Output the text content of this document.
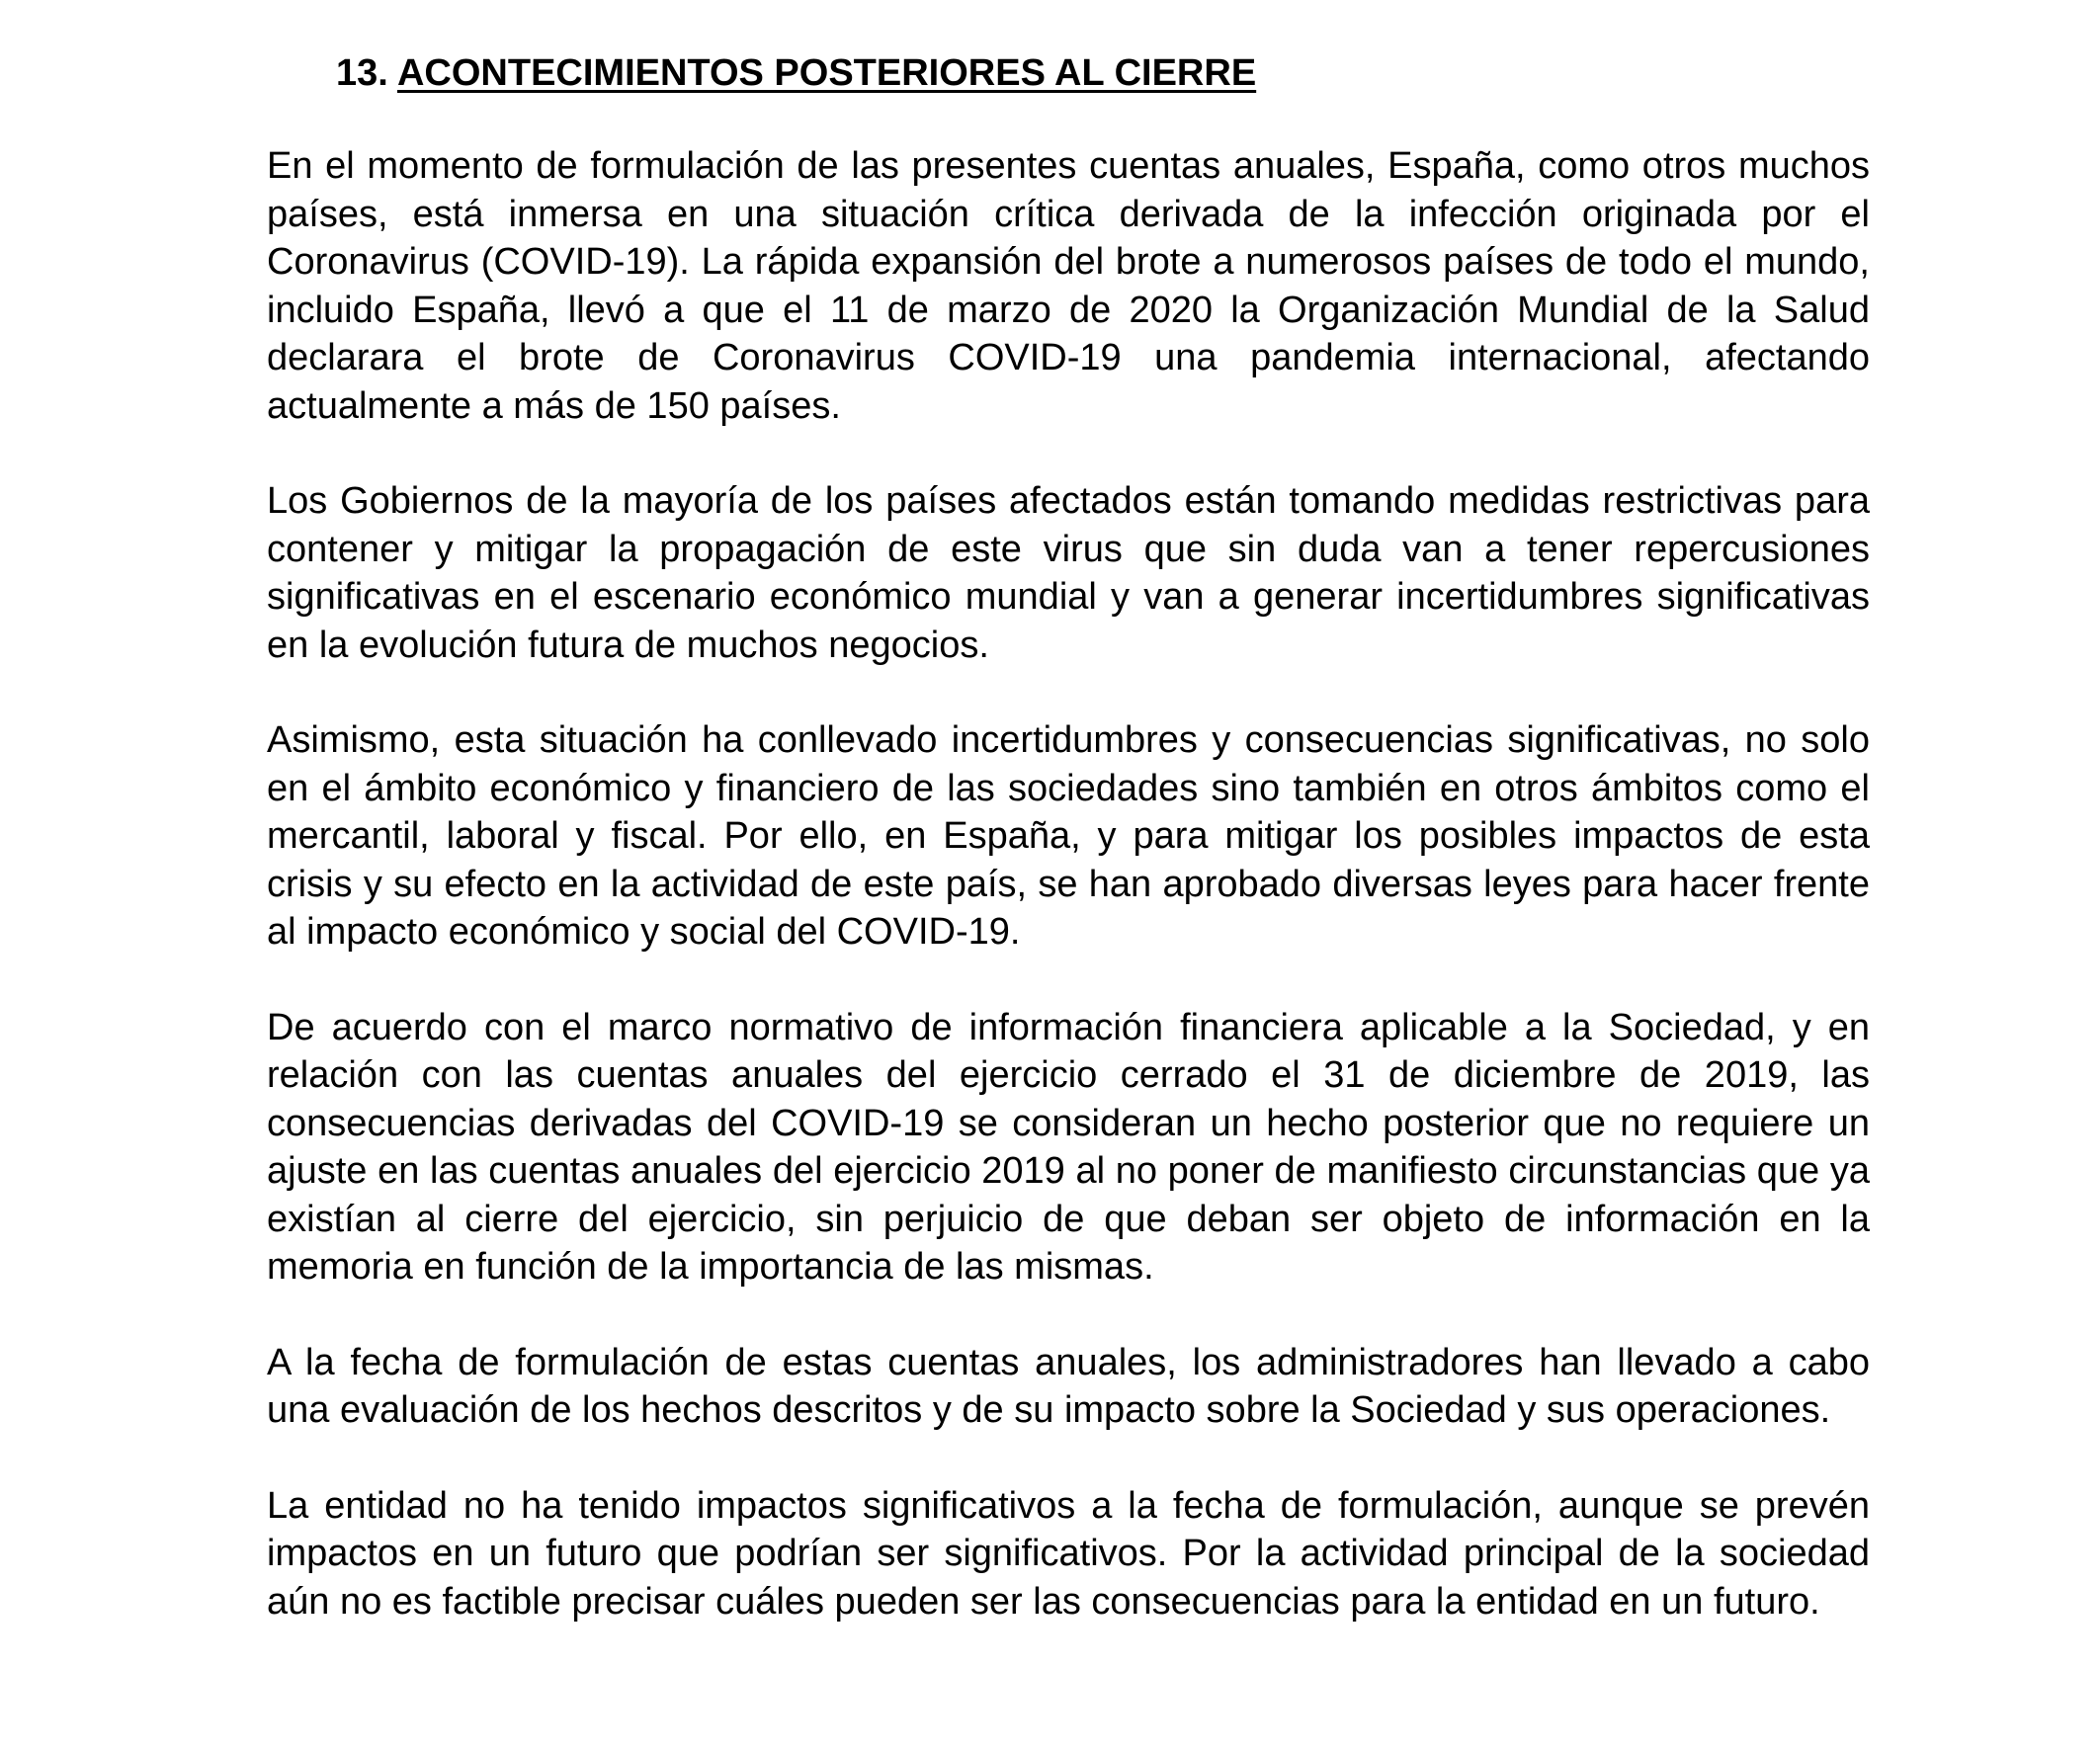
13. ACONTECIMIENTOS POSTERIORES AL CIERRE

En el momento de formulación de las presentes cuentas anuales, España, como otros muchos países, está inmersa en una situación crítica derivada de la infección originada por el Coronavirus (COVID-19). La rápida expansión del brote a numerosos países de todo el mundo, incluido España, llevó a que el 11 de marzo de 2020 la Organización Mundial de la Salud declarara el brote de Coronavirus COVID-19 una pandemia internacional, afectando actualmente a más de 150 países.

Los Gobiernos de la mayoría de los países afectados están tomando medidas restrictivas para contener y mitigar la propagación de este virus que sin duda van a tener repercusiones significativas en el escenario económico mundial y van a generar incertidumbres significativas en la evolución futura de muchos negocios.

Asimismo, esta situación ha conllevado incertidumbres y consecuencias significativas, no solo en el ámbito económico y financiero de las sociedades sino también en otros ámbitos como el mercantil, laboral y fiscal. Por ello, en España, y para mitigar los posibles impactos de esta crisis y su efecto en la actividad de este país, se han aprobado diversas leyes para hacer frente al impacto económico y social del COVID-19.

De acuerdo con el marco normativo de información financiera aplicable a la Sociedad, y en relación con las cuentas anuales del ejercicio cerrado el 31 de diciembre de 2019, las consecuencias derivadas del COVID-19 se consideran un hecho posterior que no requiere un ajuste en las cuentas anuales del ejercicio 2019 al no poner de manifiesto circunstancias que ya existían al cierre del ejercicio, sin perjuicio de que deban ser objeto de información en la memoria en función de la importancia de las mismas.

A la fecha de formulación de estas cuentas anuales, los administradores han llevado a cabo una evaluación de los hechos descritos y de su impacto sobre la Sociedad y sus operaciones.

La entidad no ha tenido impactos significativos a la fecha de formulación, aunque se prevén impactos en un futuro que podrían ser significativos. Por la actividad principal de la sociedad aún no es factible precisar cuáles pueden ser las consecuencias para la entidad en un futuro.
